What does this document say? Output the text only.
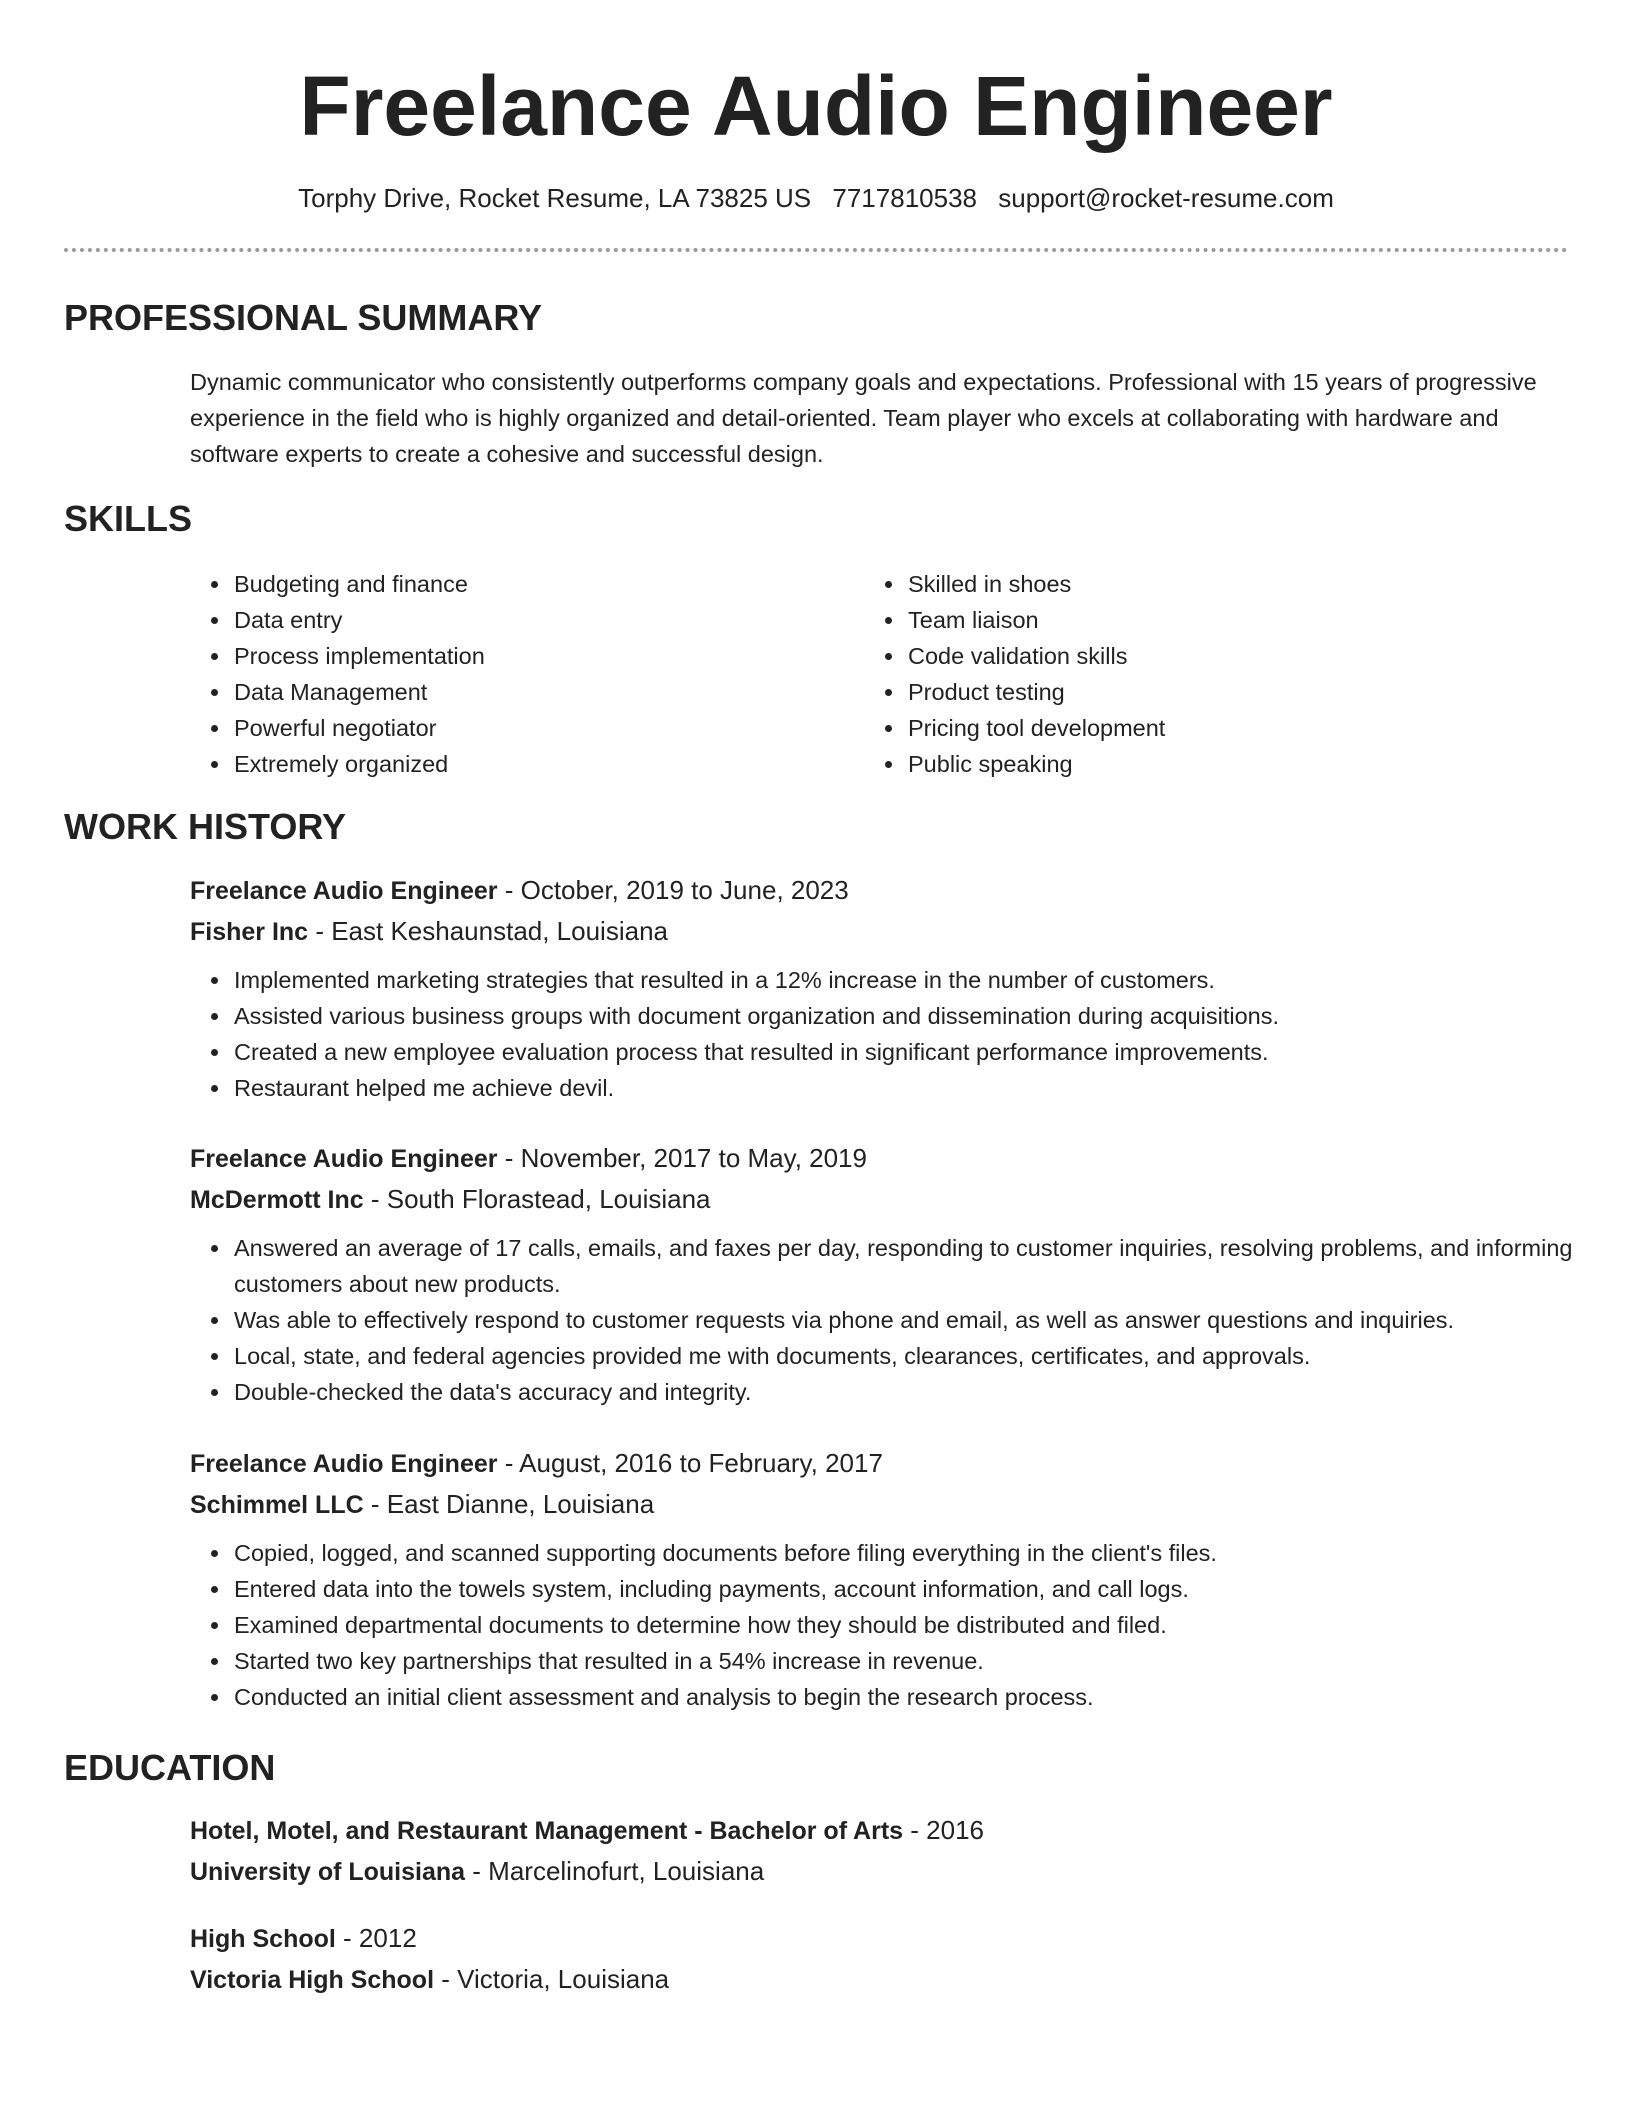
Freelance Audio Engineer
Torphy Drive, Rocket Resume, LA 73825 US 7717810538 support@rocket-resume.com
PROFESSIONAL SUMMARY

Dynamic communicator who consistently outperforms company goals and expectations. Professional with 15 years of progressive experience in the field who is highly organized and detail-oriented. Team player who excels at collaborating with hardware and software experts to create a cohesive and successful design.

SKILLS
• Budgeting and finance
• Data entry
• Process implementation
• Data Management
• Powerful negotiator
• Extremely organized
• Skilled in shoes
• Team liaison
• Code validation skills
• Product testing
• Pricing tool development
• Public speaking
WORK HISTORY
Freelance Audio Engineer - October, 2019 to June, 2023
Fisher Inc - East Keshaunstad, Louisiana
• Implemented marketing strategies that resulted in a 12% increase in the number of customers.
• Assisted various business groups with document organization and dissemination during acquisitions.
• Created a new employee evaluation process that resulted in significant performance improvements.
• Restaurant helped me achieve devil.
Freelance Audio Engineer - November, 2017 to May, 2019
McDermott Inc - South Florastead, Louisiana
• Answered an average of 17 calls, emails, and faxes per day, responding to customer inquiries, resolving problems, and informing customers about new products.
• Was able to effectively respond to customer requests via phone and email, as well as answer questions and inquiries.
• Local, state, and federal agencies provided me with documents, clearances, certificates, and approvals.
• Double-checked the data's accuracy and integrity.
Freelance Audio Engineer - August, 2016 to February, 2017
Schimmel LLC - East Dianne, Louisiana
• Copied, logged, and scanned supporting documents before filing everything in the client's files.
• Entered data into the towels system, including payments, account information, and call logs.
• Examined departmental documents to determine how they should be distributed and filed.
• Started two key partnerships that resulted in a 54% increase in revenue.
• Conducted an initial client assessment and analysis to begin the research process.
EDUCATION
Hotel, Motel, and Restaurant Management - Bachelor of Arts - 2016
University of Louisiana - Marcelinofurt, Louisiana
High School - 2012
Victoria High School - Victoria, Louisiana
